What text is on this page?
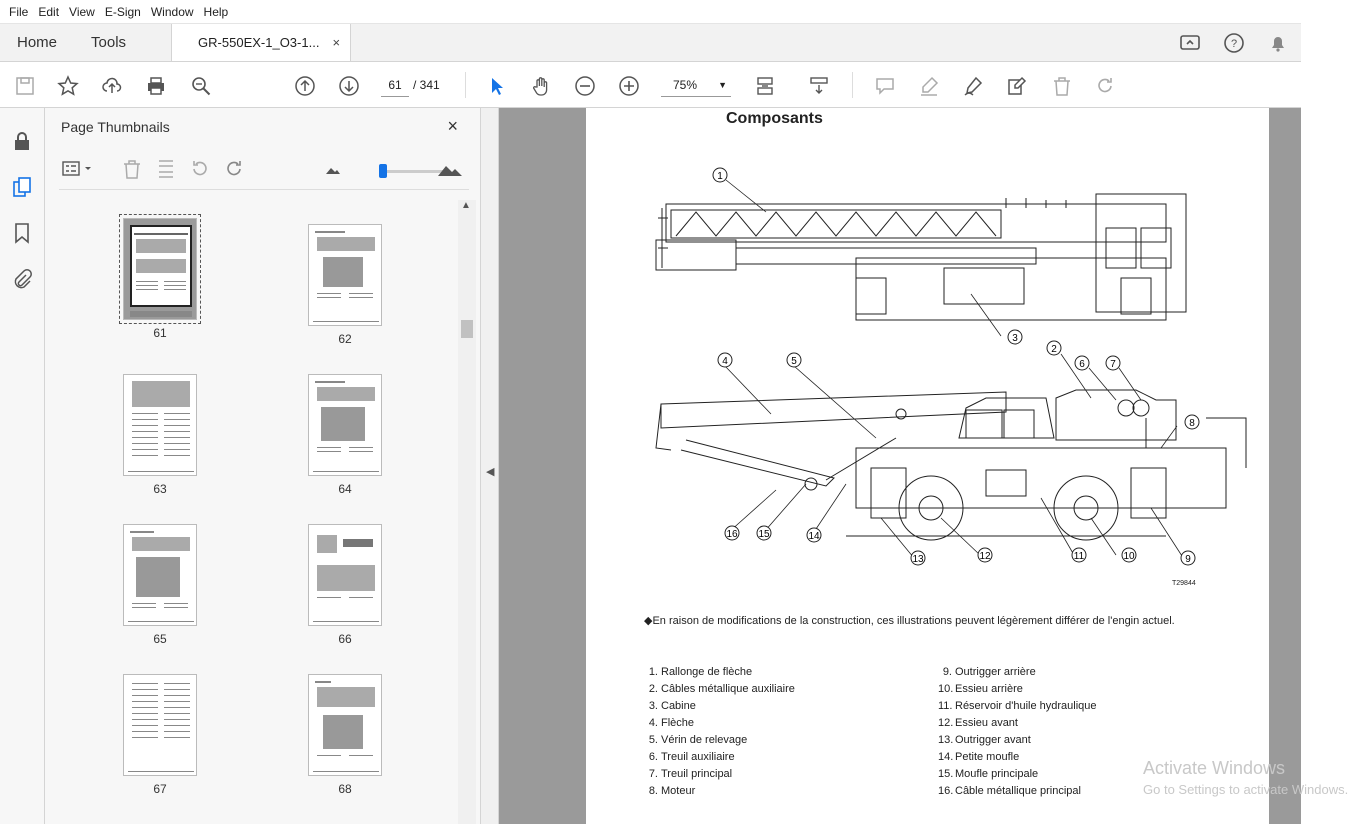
File Edit View E-Sign Window Help
Home	Tools	GR-550EX-1_O3-1... ×	?
61 / 341	75% ▼
Page Thumbnails	×
61	62
63	64
65	66
67	68
▲
◀
Composants
1
2
3
4	5	6	7
8
9
10
11
12
13
14
15
16
T29844
◆En raison de modifications de la construction, ces illustrations peuvent légèrement différer de l'engin actuel.
1. Rallonge de flèche
2. Câbles métallique auxiliaire
3. Cabine
4. Flèche
5. Vérin de relevage
6. Treuil auxiliaire
7. Treuil principal
8. Moteur
9. Outrigger arrière
10. Essieu arrière
11. Réservoir d'huile hydraulique
12. Essieu avant
13. Outrigger avant
14. Petite moufle
15. Moufle principale
16. Câble métallique principal
Activate Windows
Go to Settings to activate Windows.
